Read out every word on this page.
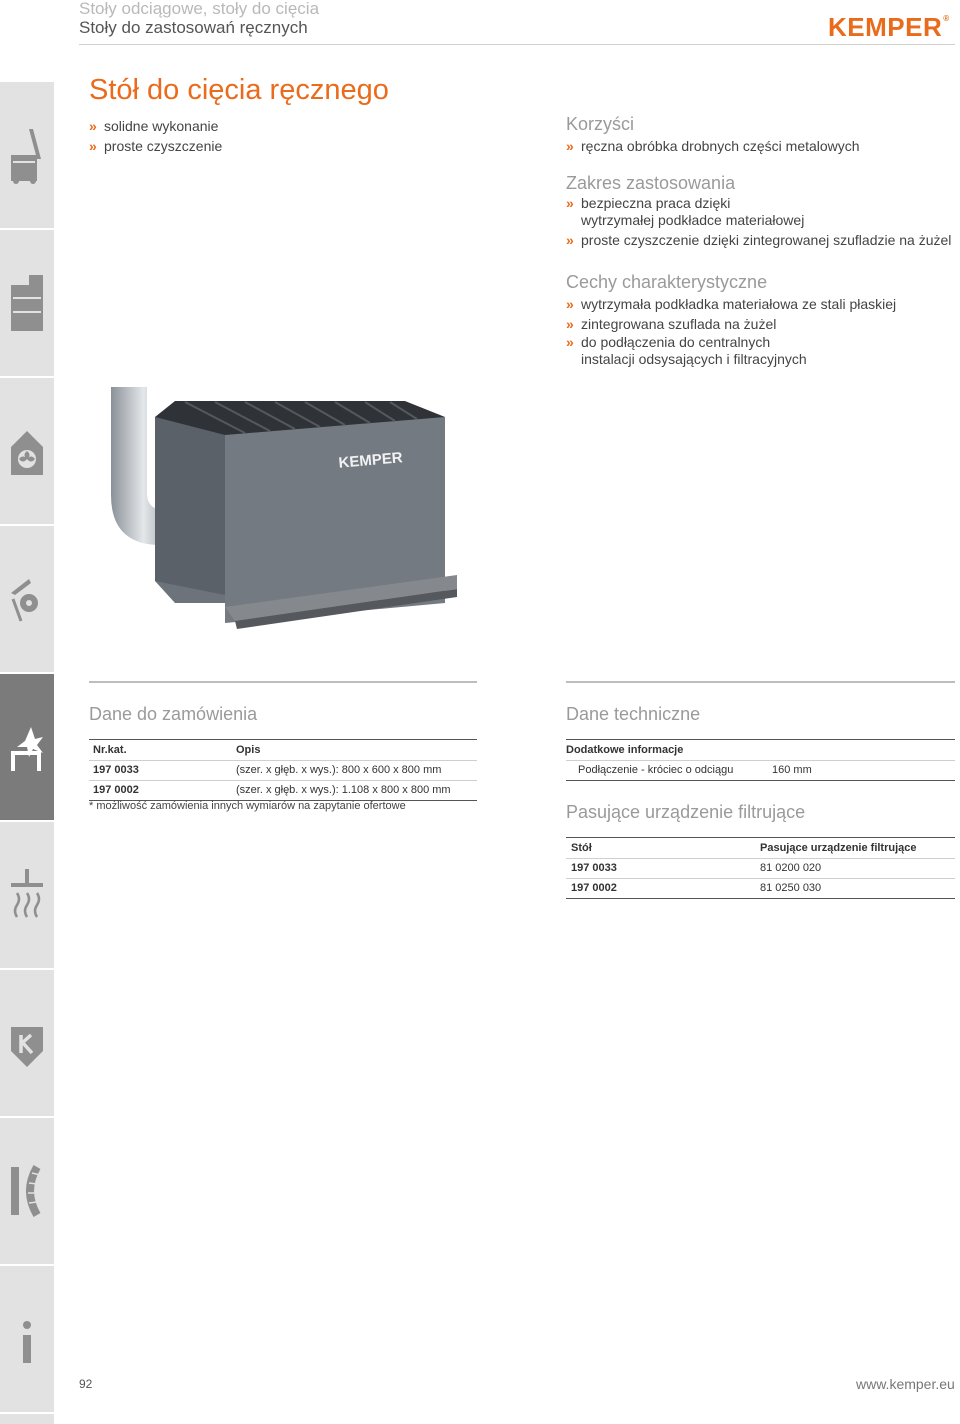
Stoły odciągowe, stoły do cięcia
Stoły do zastosowań ręcznych	KEMPER®
Stół do cięcia ręcznego
» solidne wykonanie
» proste czyszczenie
Korzyści
» ręczna obróbka drobnych części metalowych
Zakres zastosowania
» bezpieczna praca dzięki
wytrzymałej podkładce materiałowej
» proste czyszczenie dzięki zintegrowanej szufladzie na żużel
Cechy charakterystyczne
» wytrzymała podkładka materiałowa ze stali płaskiej
» zintegrowana szuflada na żużel
» do podłączenia do centralnych
instalacji odsysających i filtracyjnych
KEMPER
Dane do zamówienia
Nr.kat.	Opis
197 0033	(szer. x głęb. x wys.): 800 x 600 x 800 mm
197 0002	(szer. x głęb. x wys.): 1.108 x 800 x 800 mm
* możliwość zamówienia innych wymiarów na zapytanie ofertowe
Dane techniczne
Dodatkowe informacje
Podłączenie - króciec o odciągu	160 mm
Pasujące urządzenie filtrujące
Stół	Pasujące urządzenie filtrujące
197 0033	81 0200 020
197 0002	81 0250 030
92	www.kemper.eu
